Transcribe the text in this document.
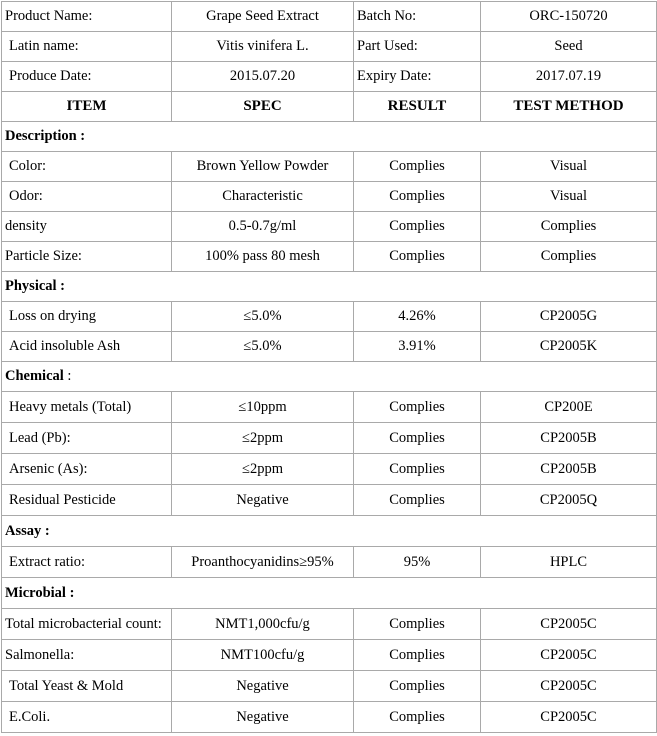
Product Name:	Grape Seed Extract	Batch No:	ORC-150720
Latin name:	Vitis vinifera L.	Part Used:	Seed
Produce Date:	2015.07.20	Expiry Date:	2017.07.19
ITEM	SPEC	RESULT	TEST METHOD
Description :			
Color:	Brown Yellow Powder	Complies	Visual
Odor:	Characteristic	Complies	Visual
density	0.5-0.7g/ml	Complies	Complies
Particle Size:	100% pass 80 mesh	Complies	Complies
Physical :			
Loss on drying	≤5.0%	4.26%	CP2005G
Acid insoluble Ash	≤5.0%	3.91%	CP2005K
Chemical :			
Heavy metals (Total)	≤10ppm	Complies	CP200E
Lead (Pb):	≤2ppm	Complies	CP2005B
Arsenic (As):	≤2ppm	Complies	CP2005B
Residual Pesticide	Negative	Complies	CP2005Q
Assay :			
Extract ratio:	Proanthocyanidins≥95%	95%	HPLC
Microbial :			
Total microbacterial count:	NMT1,000cfu/g	Complies	CP2005C
Salmonella:	NMT100cfu/g	Complies	CP2005C
Total Yeast & Mold	Negative	Complies	CP2005C
E.Coli.	Negative	Complies	CP2005C
